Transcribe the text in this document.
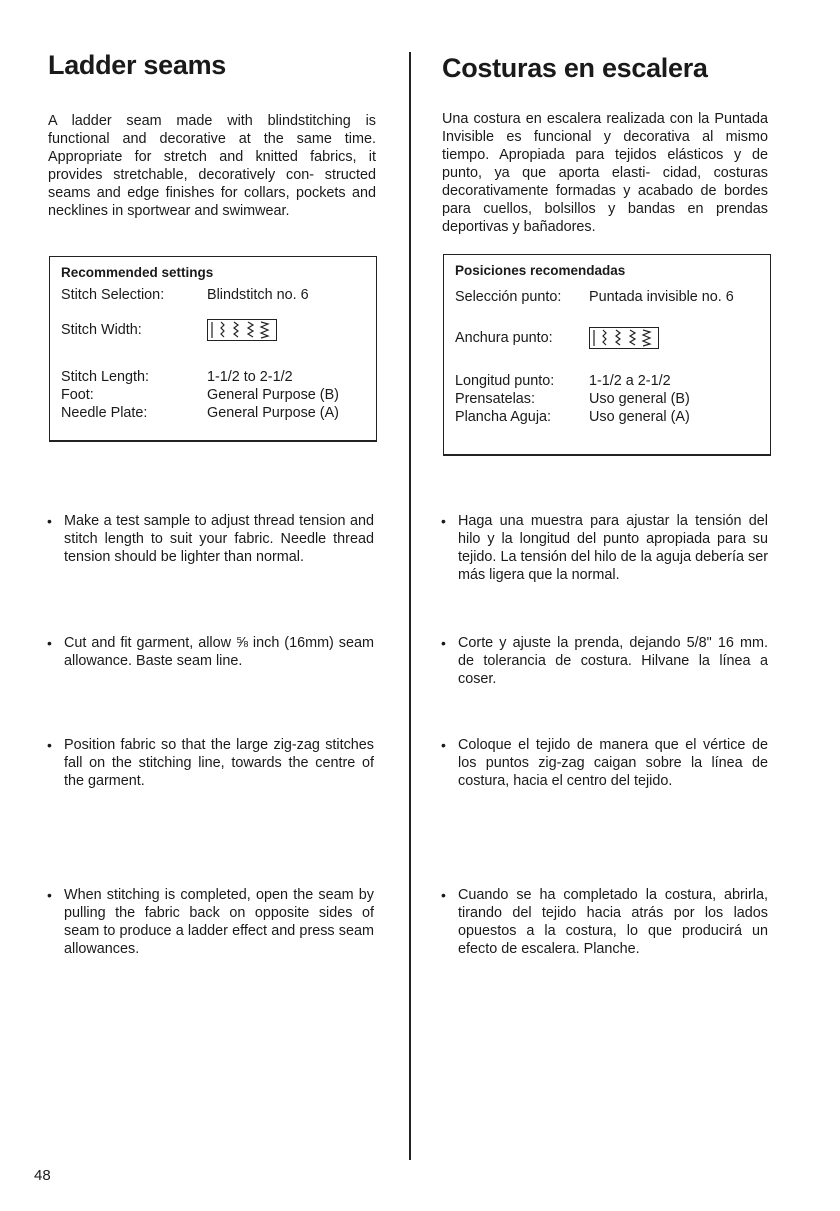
Ladder seams

A ladder seam made with blindstitching is functional and decorative at the same time. Appropriate for stretch and knitted fabrics, it provides stretchable, decoratively con- structed seams and edge finishes for collars, pockets and necklines in sportwear and swimwear.

Recommended settings
Stitch Selection:	Blindstitch no. 6
Stitch Width:
Stitch Length:	1-1/2 to 2-1/2
Foot:	General Purpose (B)
Needle Plate:	General Purpose (A)

• Make a test sample to adjust thread tension and stitch length to suit your fabric. Needle thread tension should be lighter than normal.

• Cut and fit garment, allow ⅝ inch (16mm) seam allowance. Baste seam line.

• Position fabric so that the large zig-zag stitches fall on the stitching line, towards the centre of the garment.

• When stitching is completed, open the seam by pulling the fabric back on opposite sides of seam to produce a ladder effect and press seam allowances.

Costuras en escalera

Una costura en escalera realizada con la Puntada Invisible es funcional y decorativa al mismo tiempo. Apropiada para tejidos elásticos y de punto, ya que aporta elasti- cidad, costuras decorativamente formadas y acabado de bordes para cuellos, bolsillos y bandas en prendas deportivas y bañadores.

Posiciones recomendadas
Selección punto: Puntada invisible no. 6
Anchura punto:
Longitud punto: 1-1/2 a 2-1/2
Prensatelas:	Uso general (B)
Plancha Aguja:	Uso general (A)

• Haga una muestra para ajustar la tensión del hilo y la longitud del punto apropiada para su tejido. La tensión del hilo de la aguja debería ser más ligera que la normal.

• Corte y ajuste la prenda, dejando 5/8" 16 mm. de tolerancia de costura. Hilvane la línea a coser.

• Coloque el tejido de manera que el vértice de los puntos zig-zag caigan sobre la línea de costura, hacia el centro del tejido.

• Cuando se ha completado la costura, abrirla, tirando del tejido hacia atrás por los lados opuestos a la costura, lo que producirá un efecto de escalera. Planche.

48
